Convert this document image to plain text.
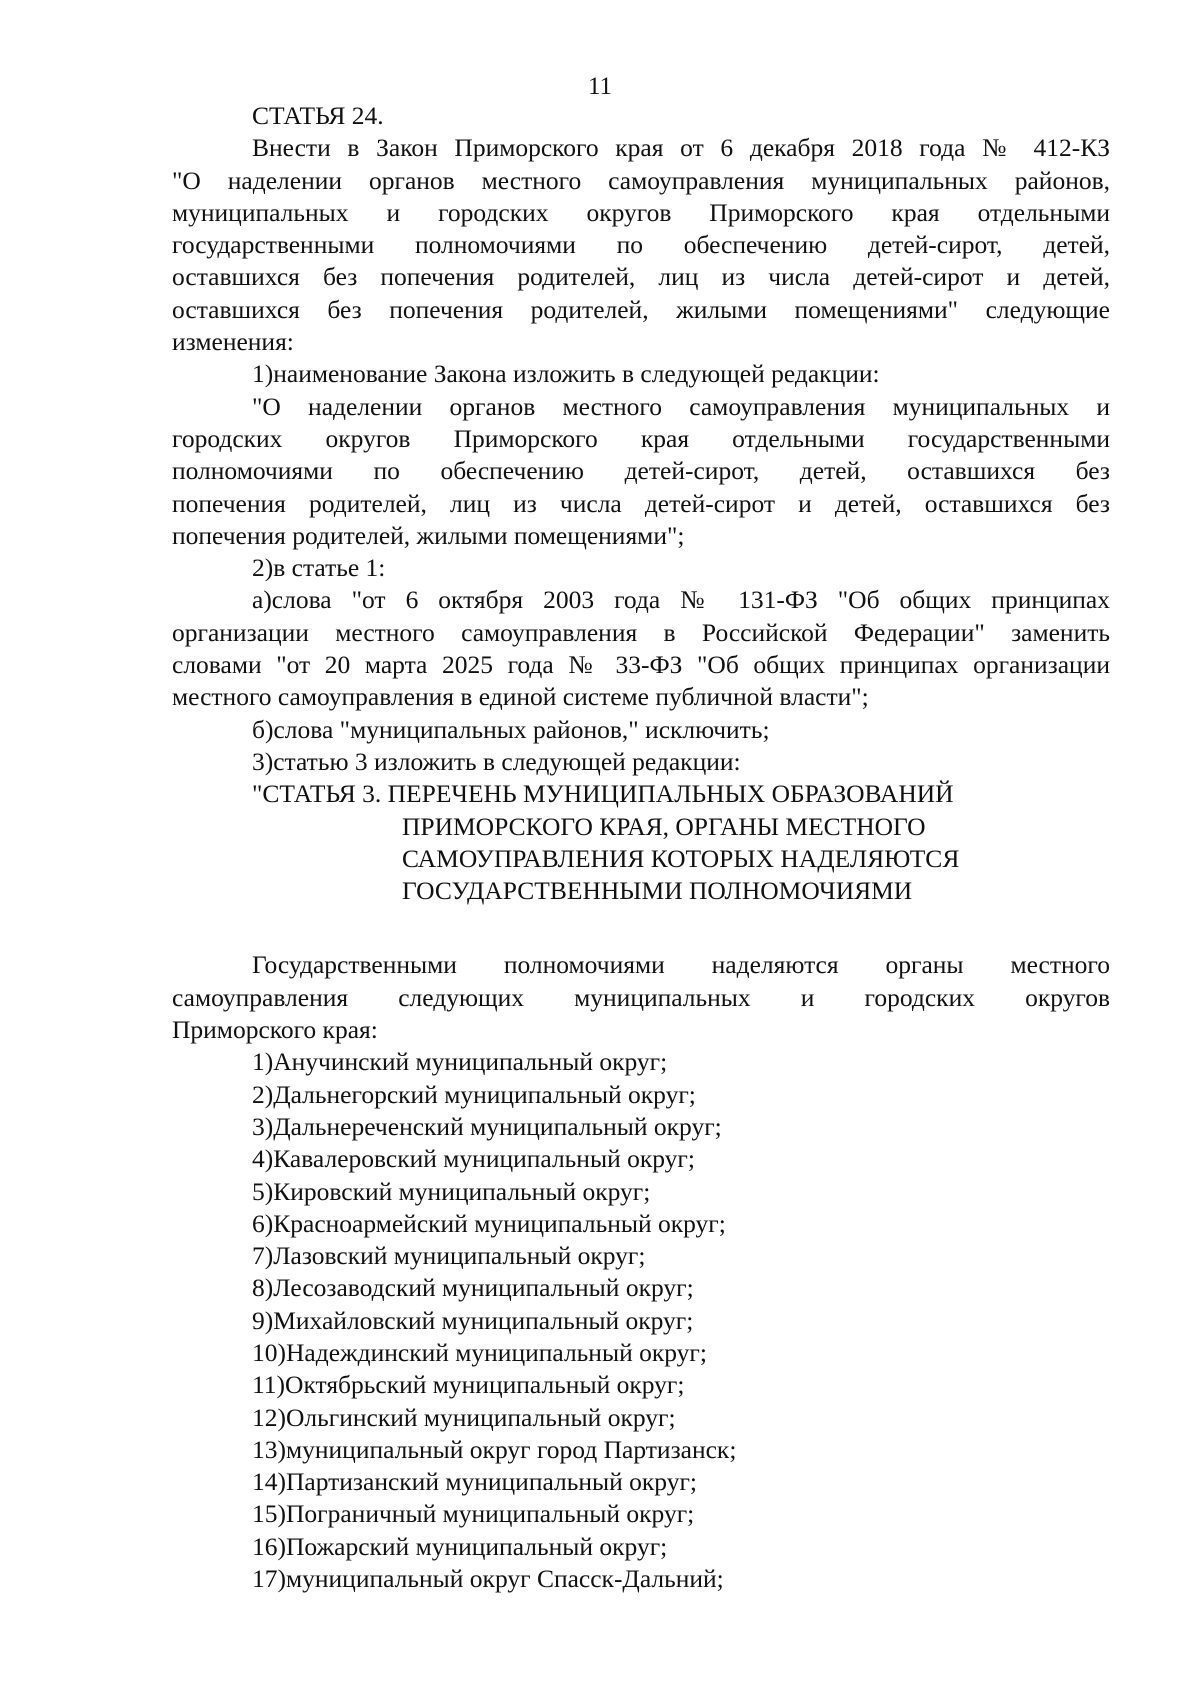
11
СТАТЬЯ 24.
Внести в Закон Приморского края от 6 декабря 2018 года № 412-КЗ
"О наделении органов местного самоуправления муниципальных районов,
муниципальных и городских округов Приморского края отдельными
государственными полномочиями по обеспечению детей-сирот, детей,
оставшихся без попечения родителей, лиц из числа детей-сирот и детей,
оставшихся без попечения родителей, жилыми помещениями" следующие
изменения:
1)наименование Закона изложить в следующей редакции:
"О наделении органов местного самоуправления муниципальных и
городских округов Приморского края отдельными государственными
полномочиями по обеспечению детей-сирот, детей, оставшихся без
попечения родителей, лиц из числа детей-сирот и детей, оставшихся без
попечения родителей, жилыми помещениями";
2)в статье 1:
а)слова "от 6 октября 2003 года № 131-ФЗ "Об общих принципах
организации местного самоуправления в Российской Федерации" заменить
словами "от 20 марта 2025 года № 33-ФЗ "Об общих принципах организации
местного самоуправления в единой системе публичной власти";
б)слова "муниципальных районов," исключить;
3)статью 3 изложить в следующей редакции:
"СТАТЬЯ 3. ПЕРЕЧЕНЬ МУНИЦИПАЛЬНЫХ ОБРАЗОВАНИЙ
ПРИМОРСКОГО КРАЯ, ОРГАНЫ МЕСТНОГО
САМОУПРАВЛЕНИЯ КОТОРЫХ НАДЕЛЯЮТСЯ
ГОСУДАРСТВЕННЫМИ ПОЛНОМОЧИЯМИ
Государственными полномочиями наделяются органы местного
самоуправления следующих муниципальных и городских округов
Приморского края:
1)Анучинский муниципальный округ;
2)Дальнегорский муниципальный округ;
3)Дальнереченский муниципальный округ;
4)Кавалеровский муниципальный округ;
5)Кировский муниципальный округ;
6)Красноармейский муниципальный округ;
7)Лазовский муниципальный округ;
8)Лесозаводский муниципальный округ;
9)Михайловский муниципальный округ;
10)Надеждинский муниципальный округ;
11)Октябрьский муниципальный округ;
12)Ольгинский муниципальный округ;
13)муниципальный округ город Партизанск;
14)Партизанский муниципальный округ;
15)Пограничный муниципальный округ;
16)Пожарский муниципальный округ;
17)муниципальный округ Спасск-Дальний;
